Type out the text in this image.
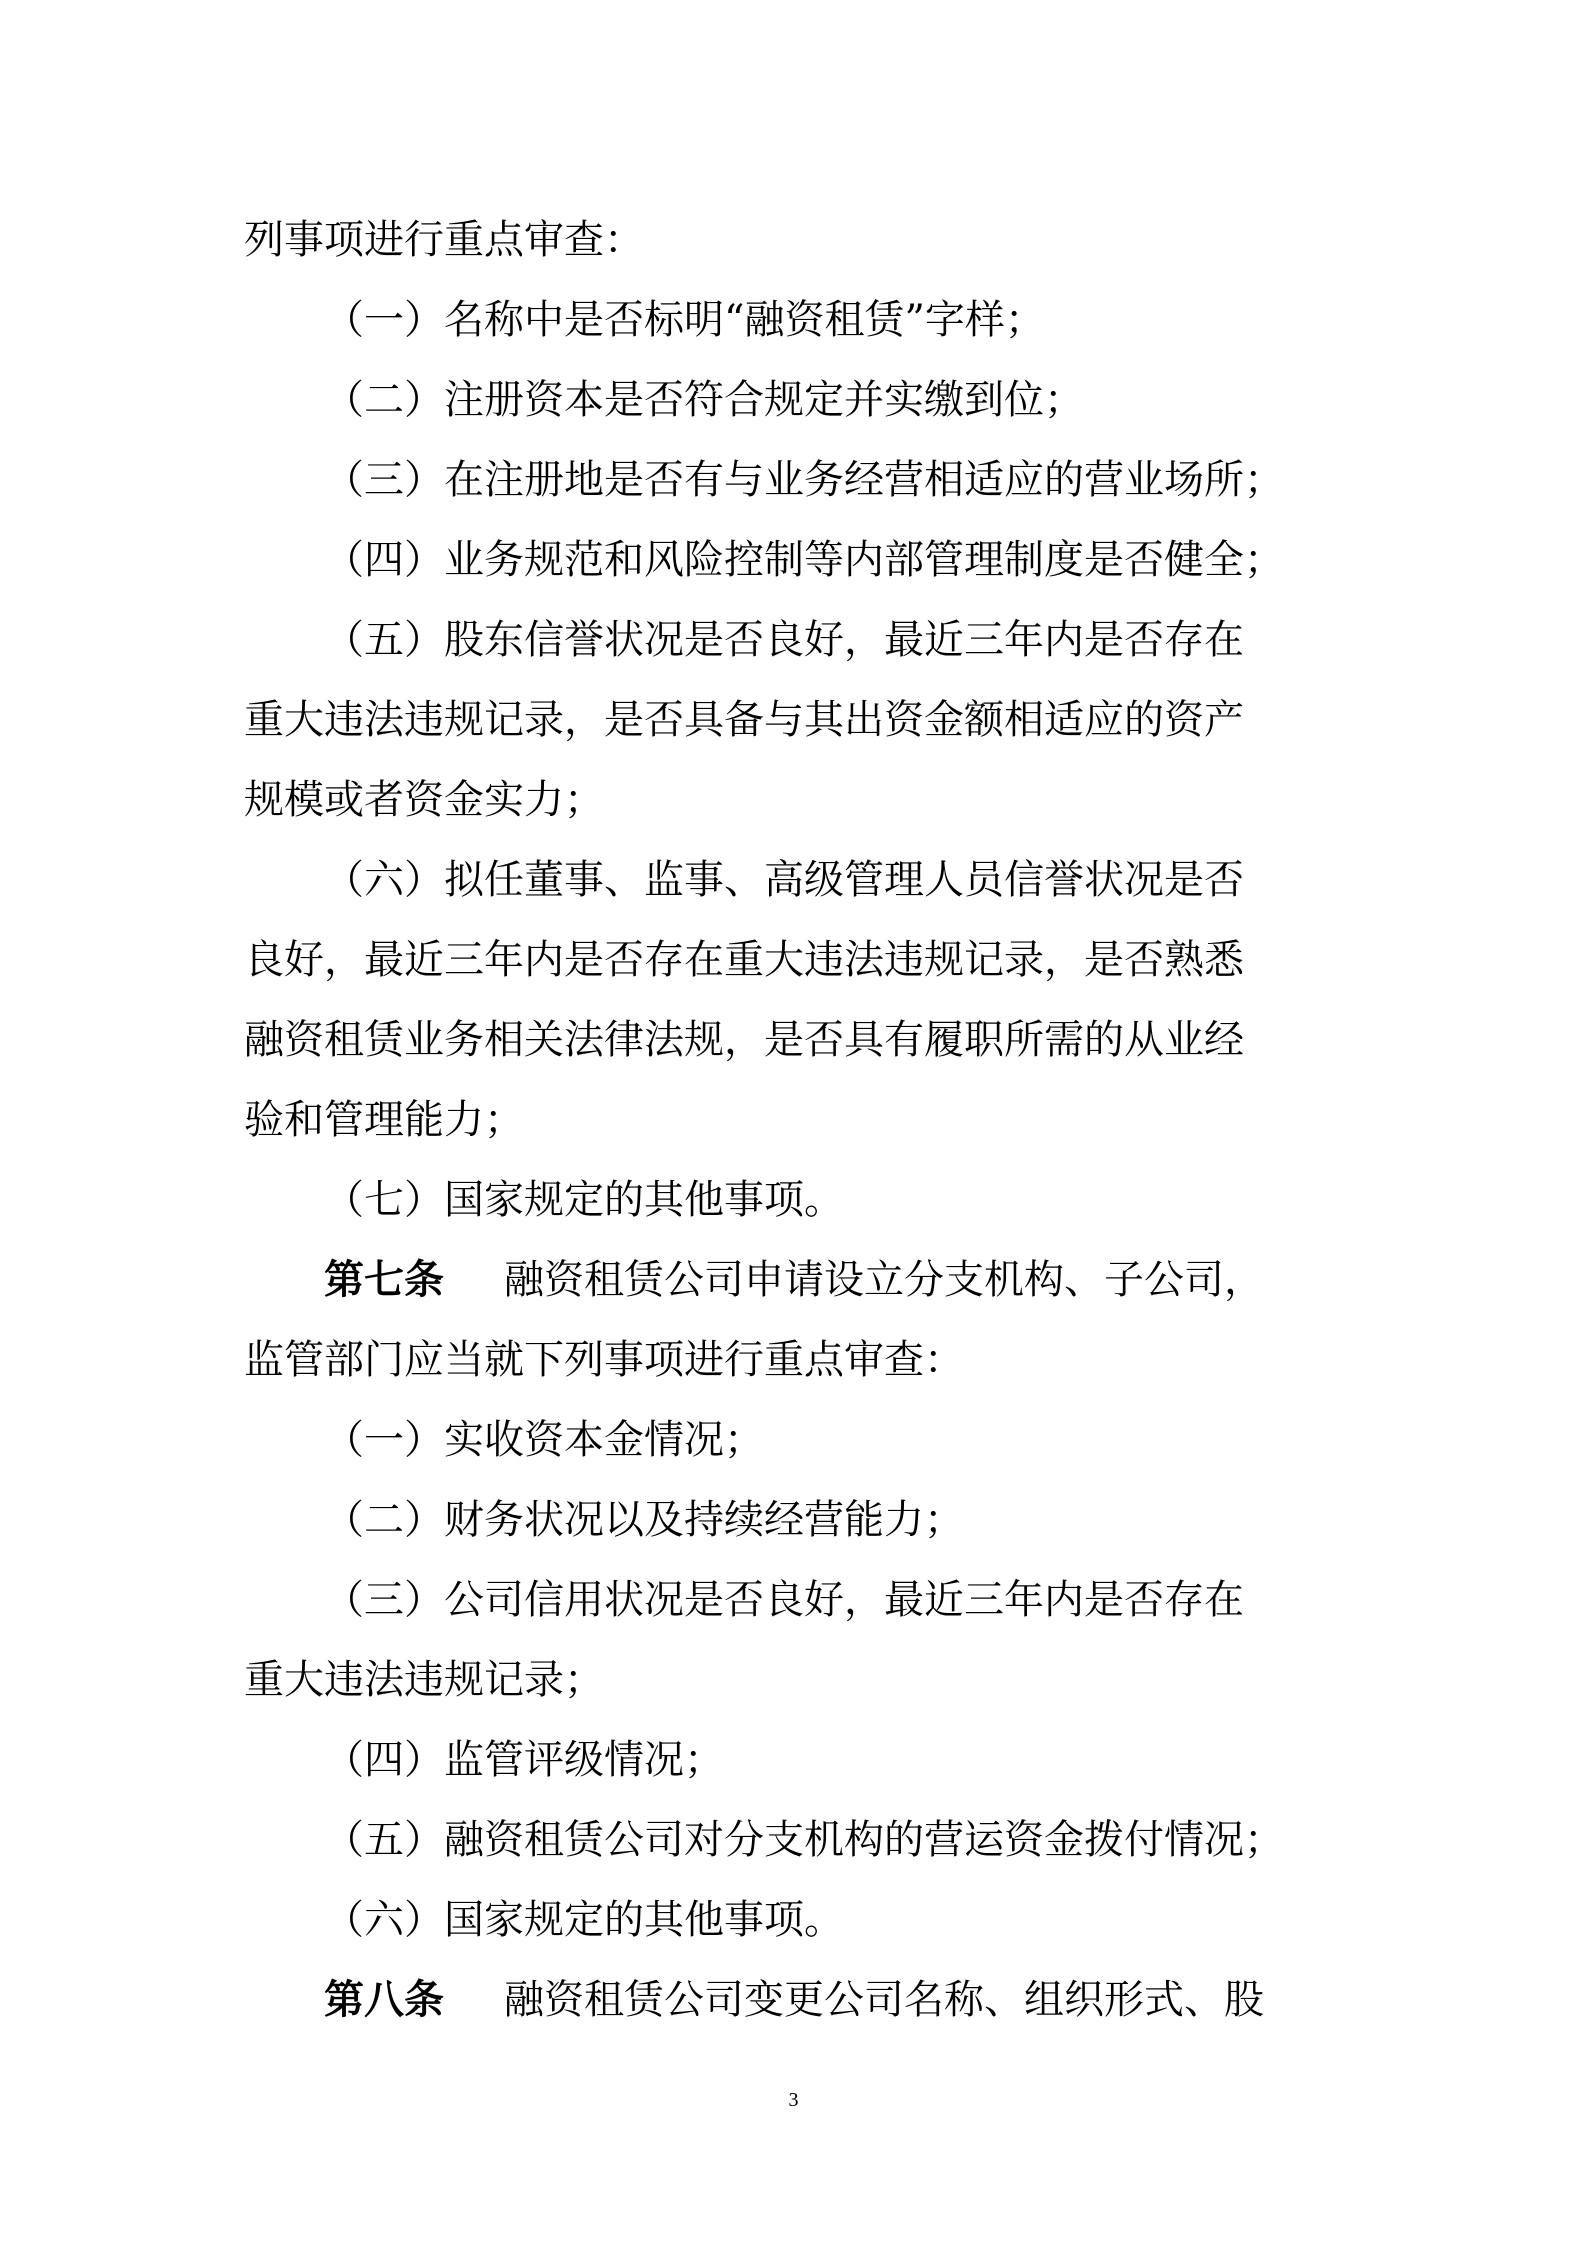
列事项进行重点审查：
（一）名称中是否标明“融资租赁”字样；
（二）注册资本是否符合规定并实缴到位；
（三）在注册地是否有与业务经营相适应的营业场所；
（四）业务规范和风险控制等内部管理制度是否健全；
（五）股东信誉状况是否良好，最近三年内是否存在
重大违法违规记录，是否具备与其出资金额相适应的资产
规模或者资金实力；
（六）拟任董事、监事、高级管理人员信誉状况是否
良好，最近三年内是否存在重大违法违规记录，是否熟悉
融资租赁业务相关法律法规，是否具有履职所需的从业经
验和管理能力；
（七）国家规定的其他事项。
第七条 融资租赁公司申请设立分支机构、子公司，
监管部门应当就下列事项进行重点审查：
（一）实收资本金情况；
（二）财务状况以及持续经营能力；
（三）公司信用状况是否良好，最近三年内是否存在
重大违法违规记录；
（四）监管评级情况；
（五）融资租赁公司对分支机构的营运资金拨付情况；
（六）国家规定的其他事项。
第八条 融资租赁公司变更公司名称、组织形式、股
3
